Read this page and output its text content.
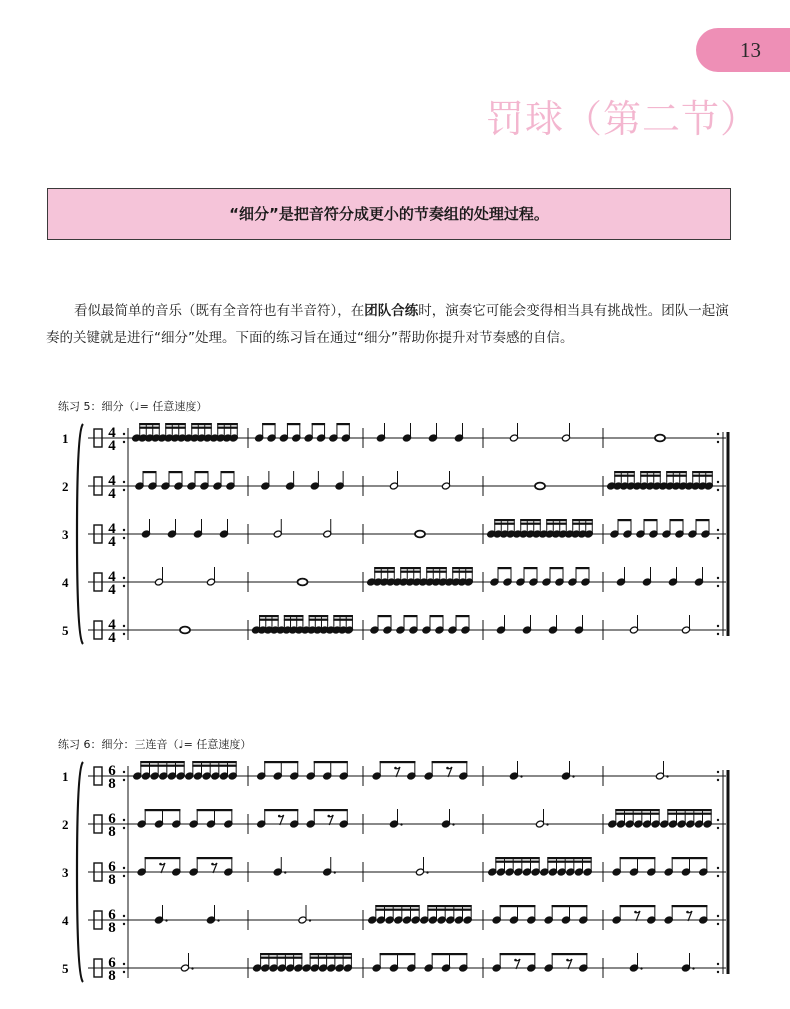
13
罚球（第二节）
“细分”是把音符分成更小的节奏组的处理过程。

看似最简单的音乐（既有全音符也有半音符），在团队合练时，演奏它可能会变得相当具有挑战性。团队一起演奏的关键就是进行“细分”处理。下面的练习旨在通过“细分”帮助你提升对节奏感的自信。

练习 5：细分（♩= 任意速度）
1	4
4
2	4
4
3	4
4
4	4
4
5	4
4
练习 6：细分：三连音（♩= 任意速度）
1	6
8
2	6
8
3	6
8
4	6
8
5	6
8
